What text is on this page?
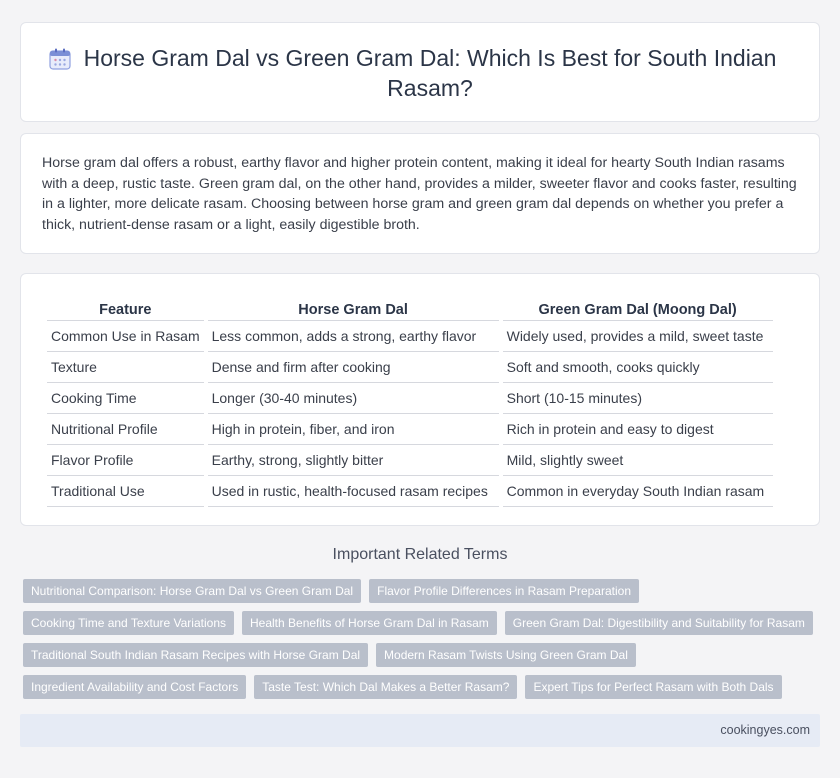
Horse Gram Dal vs Green Gram Dal: Which Is Best for South Indian Rasam?

Horse gram dal offers a robust, earthy flavor and higher protein content, making it ideal for hearty South Indian rasams with a deep, rustic taste. Green gram dal, on the other hand, provides a milder, sweeter flavor and cooks faster, resulting in a lighter, more delicate rasam. Choosing between horse gram and green gram dal depends on whether you prefer a thick, nutrient-dense rasam or a light, easily digestible broth.

Feature	Horse Gram Dal	Green Gram Dal (Moong Dal)
Common Use in Rasam	Less common, adds a strong, earthy flavor	Widely used, provides a mild, sweet taste
Texture	Dense and firm after cooking	Soft and smooth, cooks quickly
Cooking Time	Longer (30-40 minutes)	Short (10-15 minutes)
Nutritional Profile	High in protein, fiber, and iron	Rich in protein and easy to digest
Flavor Profile	Earthy, strong, slightly bitter	Mild, slightly sweet
Traditional Use	Used in rustic, health-focused rasam recipes	Common in everyday South Indian rasam
Important Related Terms
Nutritional Comparison: Horse Gram Dal vs Green Gram Dal	Flavor Profile Differences in Rasam Preparation
Cooking Time and Texture Variations	Health Benefits of Horse Gram Dal in Rasam	Green Gram Dal: Digestibility and Suitability for Rasam
Traditional South Indian Rasam Recipes with Horse Gram Dal	Modern Rasam Twists Using Green Gram Dal
Ingredient Availability and Cost Factors	Taste Test: Which Dal Makes a Better Rasam?	Expert Tips for Perfect Rasam with Both Dals
cookingyes.com
